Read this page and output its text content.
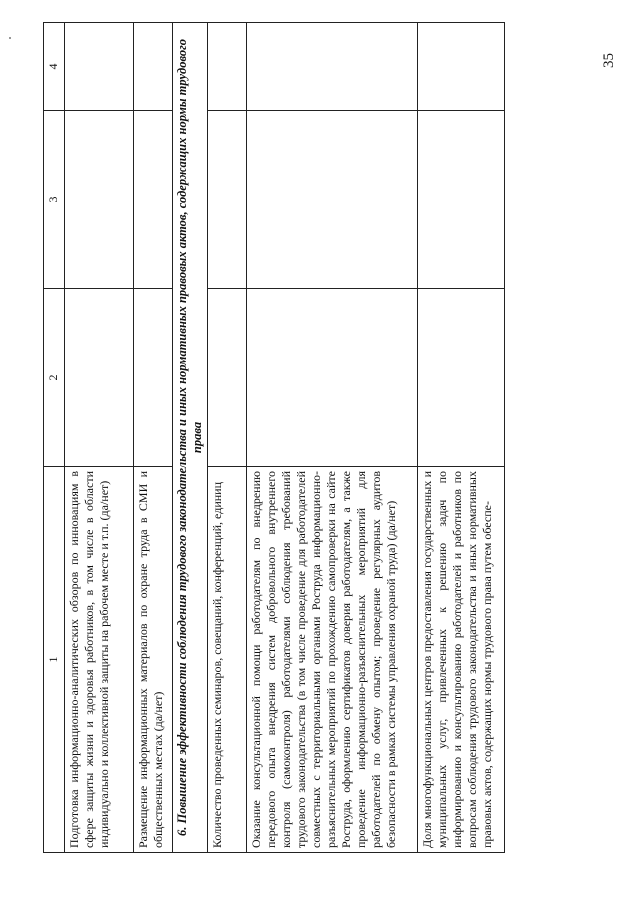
35
1	2	3	4
Подготовка информационно-аналитических обзоров по инновациям в сфере защиты жизни и здоровья работников, в том числе в области индивидуально и коллективной защиты на рабочем месте и т.п. (да/нет)			
Размещение информационных материалов по охране труда в СМИ и общественных местах (да/нет)			
6. Повышение эффективности соблюдения трудового законодательства и иных нормативных правовых актов, содержащих нормы трудового права			
Количество проведенных семинаров, совещаний, конференций, единиц			
Оказание консультационной помощи работодателям по внедрению передового опыта внедрения систем добровольного внутреннего контроля (самоконтроля) работодателями соблюдения требований трудового законодательства (в том числе проведение для работодателей совместных с территориальными органами Роструда информационно-разъяснительных мероприятий по прохождению самопроверки на сайте Роструда, оформлению сертификатов доверия работодателям, а также проведение информационно-разъяснительных мероприятий для работодателей по обмену опытом; проведение регулярных аудитов безопасности в рамках системы управления охраной труда) (да/нет)			
Доля многофункциональных центров предоставления государственных и муниципальных услуг, привлеченных к решению задач по информированию и консультированию работодателей и работников по вопросам соблюдения трудового законодательства и иных нормативных правовых актов, содержащих нормы трудового права путем обеспе-			
